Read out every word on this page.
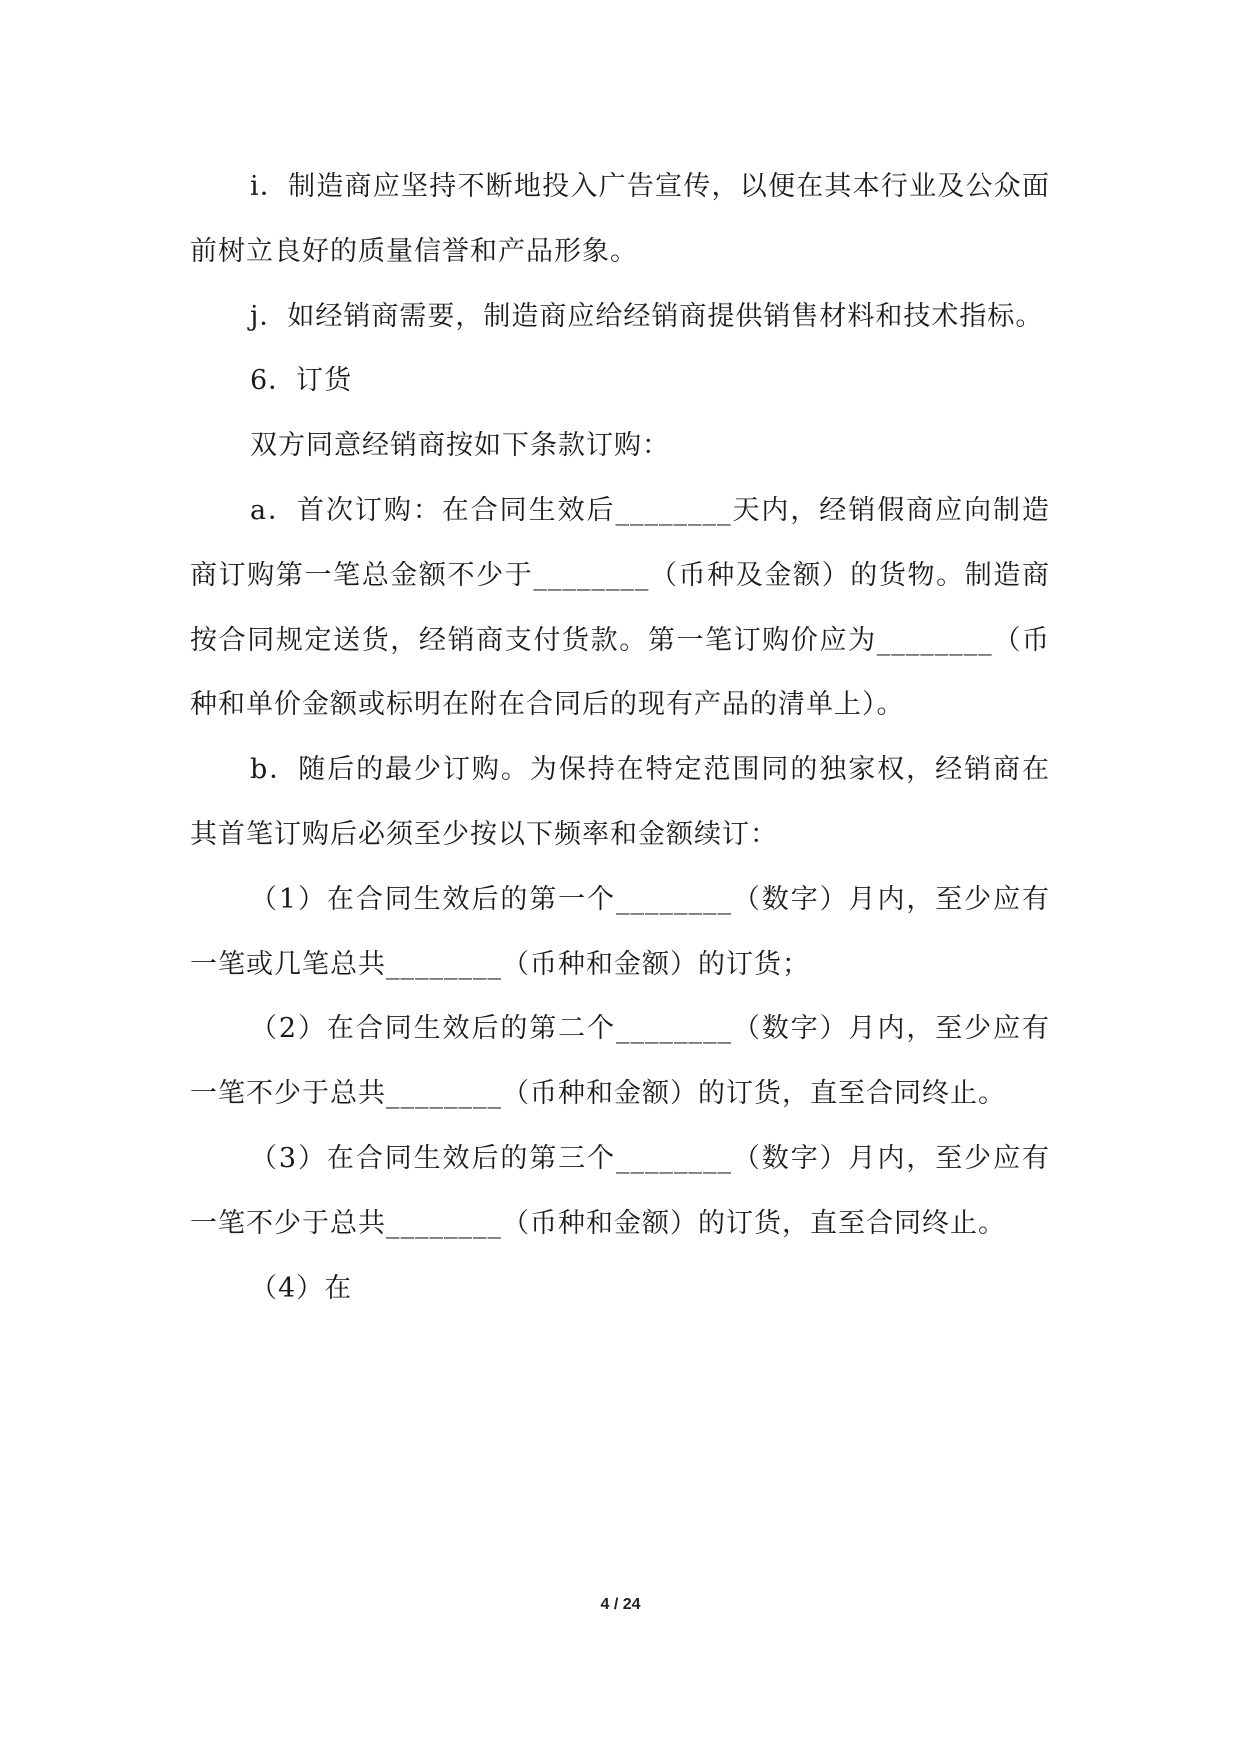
i．制造商应坚持不断地投入广告宣传，以便在其本行业及公众面前树立良好的质量信誉和产品形象。

j．如经销商需要，制造商应给经销商提供销售材料和技术指标。

6．订货

双方同意经销商按如下条款订购：

a．首次订购：在合同生效后________天内，经销假商应向制造商订购第一笔总金额不少于________（币种及金额）的货物。制造商按合同规定送货，经销商支付货款。第一笔订购价应为________（币种和单价金额或标明在附在合同后的现有产品的清单上）。

b．随后的最少订购。为保持在特定范围同的独家权，经销商在其首笔订购后必须至少按以下频率和金额续订：

（1）在合同生效后的第一个________（数字）月内，至少应有一笔或几笔总共________（币种和金额）的订货；

（2）在合同生效后的第二个________（数字）月内，至少应有一笔不少于总共________（币种和金额）的订货，直至合同终止。

（3）在合同生效后的第三个________（数字）月内，至少应有一笔不少于总共________（币种和金额）的订货，直至合同终止。

（4）在

4 / 24
